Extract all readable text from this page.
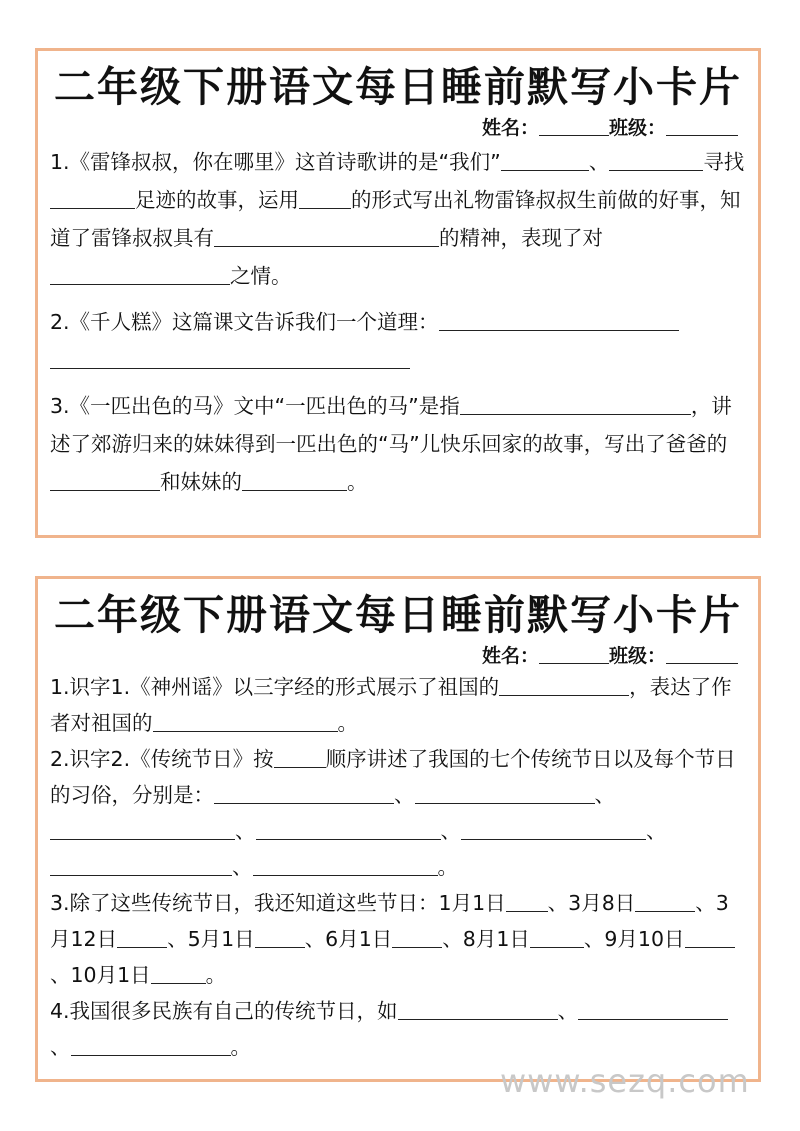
二年级下册语文每日睡前默写小卡片
姓名：	班级：
1.《雷锋叔叔，你在哪里》这首诗歌讲的是“我们”	、	寻找足迹的故事，运用	的形式写出礼物雷锋叔叔生前做的好事，知道了雷锋叔叔具有	的精神，表现了对之情。
2.《千人糕》这篇课文告诉我们一个道理：
3.《一匹出色的马》文中“一匹出色的马”是指	，讲述了郊游归来的妹妹得到一匹出色的“马”儿快乐回家的故事，写出了爸爸的和妹妹的	。
二年级下册语文每日睡前默写小卡片
姓名：	班级：
1.识字1.《神州谣》以三字经的形式展示了祖国的	，表达了作者对祖国的	。
2.识字2.《传统节日》按	顺序讲述了我国的七个传统节日以及每个节日的习俗，分别是：	、	、、	、	、、	。
3.除了这些传统节日，我还知道这些节日：1月1日 、3月8日	、3月12日 、5月1日 、6月1日 、8月1日	、9月10日、10月1日	。
4.我国很多民族有自己的传统节日，如	、、	。
www.sezq.com
